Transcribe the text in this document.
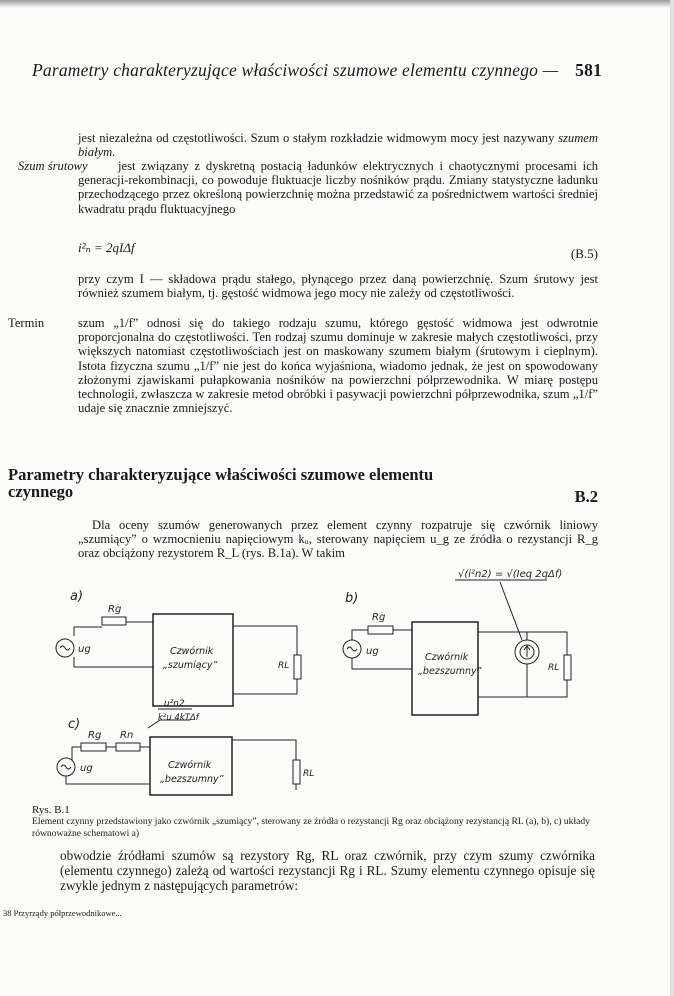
Parametry charakteryzujące właściwości szumowe elementu czynnego — 581
jest niezależna od częstotliwości. Szum o stałym rozkładzie widmowym mocy jest nazywany szumem białym.
Szum śrutowy	jest związany z dyskretną postacią ładunków elektrycznych i chaotycznymi procesami ich generacji-rekombinacji, co powoduje fluktuacje liczby nośników prądu. Zmiany statystyczne ładunku przechodzącego przez określoną powierzchnię można przedstawić za pośrednictwem wartości średniej kwadratu prądu fluktuacyjnego
i²ₙ = 2qIΔf	(B.5)
przy czym I — składowa prądu stałego, płynącego przez daną powierzchnię. Szum śrutowy jest również szumem białym, tj. gęstość widmowa jego mocy nie zależy od częstotliwości.
Termin	szum „1/f” odnosi się do takiego rodzaju szumu, którego gęstość widmowa jest odwrotnie proporcjonalna do częstotliwości. Ten rodzaj szumu dominuje w zakresie małych częstotliwości, przy większych natomiast częstotliwościach jest on maskowany szumem białym (śrutowym i cieplnym). Istota fizyczna szumu „1/f” nie jest do końca wyjaśniona, wiadomo jednak, że jest on spowodowany złożonymi zjawiskami pułapkowania nośników na powierzchni półprzewodnika. W miarę postępu technologii, zwłaszcza w zakresie metod obróbki i pasywacji powierzchni półprzewodnika, szum „1/f” udaje się znacznie zmniejszyć.
Parametry charakteryzujące właściwości szumowe elementu
czynnego	B.2
Dla oceny szumów generowanych przez element czynny rozpatruje się czwórnik liniowy „szumiący” o wzmocnieniu napięciowym kᵤ, sterowany napięciem u_g ze źródła o rezystancji R_g oraz obciążony rezystorem R_L (rys. B.1a). W takim
a)
Rg
ug	Czwórnik
„szumiący”	RL
b)
Rg
ug
Czwórnik
„bezszumny”	RL
√(i²n2) = √(Ieq 2qΔf)
c)
Rg Rn
ug	Czwórnik
„bezszumny”	RL
u²n2
k²u 4kTΔf
Rys. B.1
Element czynny przedstawiony jako czwórnik „szumiący”, sterowany ze źródła o rezystancji Rg oraz obciążony rezystancją RL (a), b), c) układy równoważne schematowi a)
obwodzie źródłami szumów są rezystory Rg, RL oraz czwórnik, przy czym szumy czwórnika (elementu czynnego) zależą od wartości rezystancji Rg i RL. Szumy elementu czynnego opisuje się zwykle jednym z następujących parametrów:
38 Przyrządy półprzewodnikowe...
